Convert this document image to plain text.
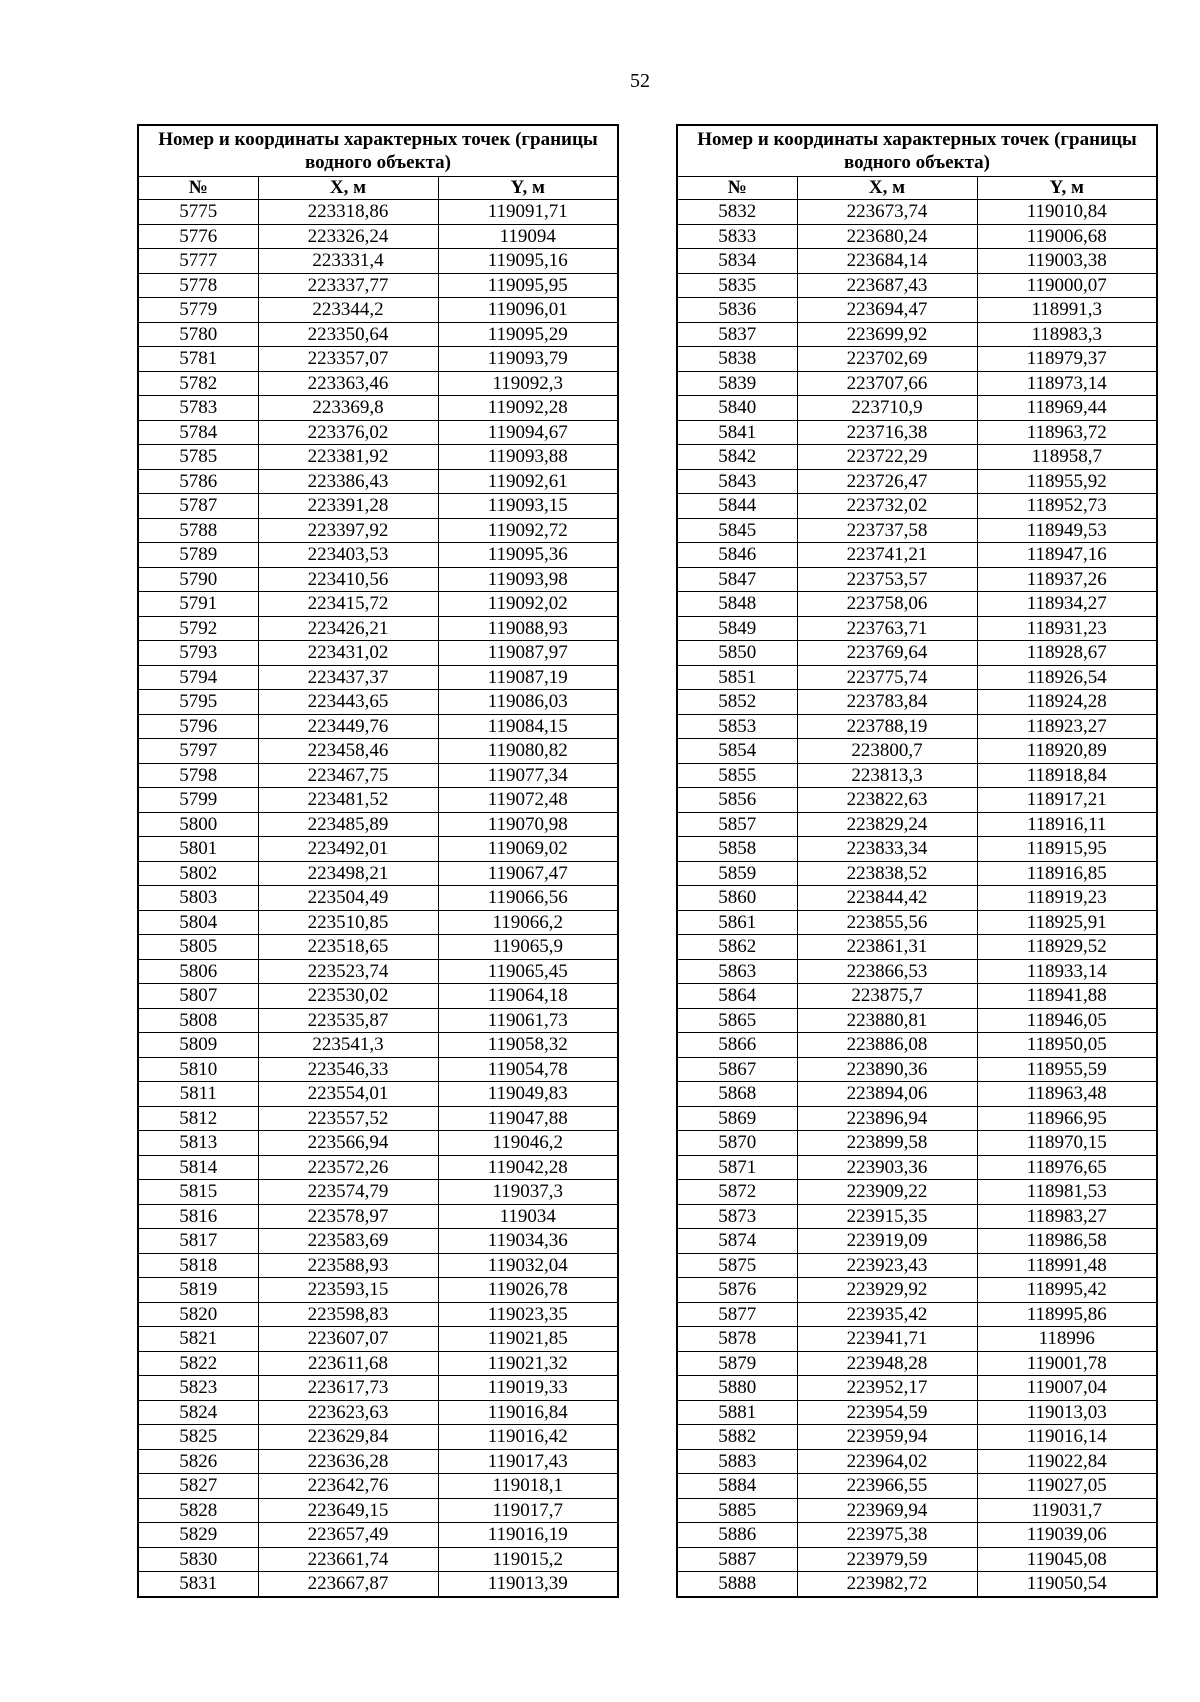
52
Номер и координаты характерных точек (границы водного объекта)		
№	X, м	Y, м
5775	223318,86	119091,71
5776	223326,24	119094
5777	223331,4	119095,16
5778	223337,77	119095,95
5779	223344,2	119096,01
5780	223350,64	119095,29
5781	223357,07	119093,79
5782	223363,46	119092,3
5783	223369,8	119092,28
5784	223376,02	119094,67
5785	223381,92	119093,88
5786	223386,43	119092,61
5787	223391,28	119093,15
5788	223397,92	119092,72
5789	223403,53	119095,36
5790	223410,56	119093,98
5791	223415,72	119092,02
5792	223426,21	119088,93
5793	223431,02	119087,97
5794	223437,37	119087,19
5795	223443,65	119086,03
5796	223449,76	119084,15
5797	223458,46	119080,82
5798	223467,75	119077,34
5799	223481,52	119072,48
5800	223485,89	119070,98
5801	223492,01	119069,02
5802	223498,21	119067,47
5803	223504,49	119066,56
5804	223510,85	119066,2
5805	223518,65	119065,9
5806	223523,74	119065,45
5807	223530,02	119064,18
5808	223535,87	119061,73
5809	223541,3	119058,32
5810	223546,33	119054,78
5811	223554,01	119049,83
5812	223557,52	119047,88
5813	223566,94	119046,2
5814	223572,26	119042,28
5815	223574,79	119037,3
5816	223578,97	119034
5817	223583,69	119034,36
5818	223588,93	119032,04
5819	223593,15	119026,78
5820	223598,83	119023,35
5821	223607,07	119021,85
5822	223611,68	119021,32
5823	223617,73	119019,33
5824	223623,63	119016,84
5825	223629,84	119016,42
5826	223636,28	119017,43
5827	223642,76	119018,1
5828	223649,15	119017,7
5829	223657,49	119016,19
5830	223661,74	119015,2
5831	223667,87	119013,39
Номер и координаты характерных точек (границы водного объекта)		
№	X, м	Y, м
5832	223673,74	119010,84
5833	223680,24	119006,68
5834	223684,14	119003,38
5835	223687,43	119000,07
5836	223694,47	118991,3
5837	223699,92	118983,3
5838	223702,69	118979,37
5839	223707,66	118973,14
5840	223710,9	118969,44
5841	223716,38	118963,72
5842	223722,29	118958,7
5843	223726,47	118955,92
5844	223732,02	118952,73
5845	223737,58	118949,53
5846	223741,21	118947,16
5847	223753,57	118937,26
5848	223758,06	118934,27
5849	223763,71	118931,23
5850	223769,64	118928,67
5851	223775,74	118926,54
5852	223783,84	118924,28
5853	223788,19	118923,27
5854	223800,7	118920,89
5855	223813,3	118918,84
5856	223822,63	118917,21
5857	223829,24	118916,11
5858	223833,34	118915,95
5859	223838,52	118916,85
5860	223844,42	118919,23
5861	223855,56	118925,91
5862	223861,31	118929,52
5863	223866,53	118933,14
5864	223875,7	118941,88
5865	223880,81	118946,05
5866	223886,08	118950,05
5867	223890,36	118955,59
5868	223894,06	118963,48
5869	223896,94	118966,95
5870	223899,58	118970,15
5871	223903,36	118976,65
5872	223909,22	118981,53
5873	223915,35	118983,27
5874	223919,09	118986,58
5875	223923,43	118991,48
5876	223929,92	118995,42
5877	223935,42	118995,86
5878	223941,71	118996
5879	223948,28	119001,78
5880	223952,17	119007,04
5881	223954,59	119013,03
5882	223959,94	119016,14
5883	223964,02	119022,84
5884	223966,55	119027,05
5885	223969,94	119031,7
5886	223975,38	119039,06
5887	223979,59	119045,08
5888	223982,72	119050,54
